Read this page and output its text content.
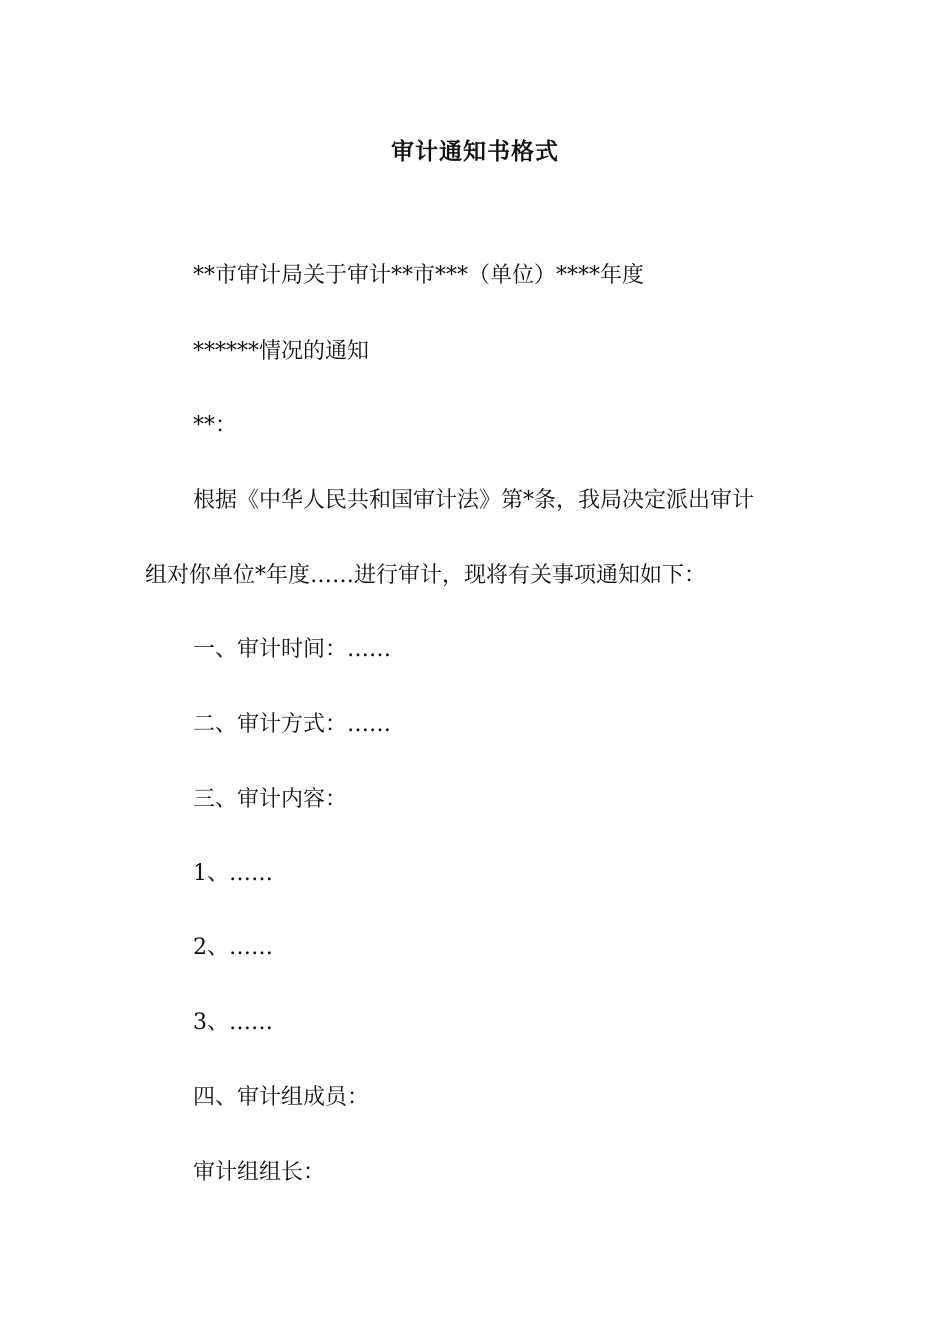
审计通知书格式
**市审计局关于审计**市***（单位）****年度
******情况的通知
**：
根据《中华人民共和国审计法》第*条，我局决定派出审计
组对你单位*年度……进行审计，现将有关事项通知如下：
一、审计时间：……
二、审计方式：……
三、审计内容：
1、……
2、……
3、……
四、审计组成员：
审计组组长：
